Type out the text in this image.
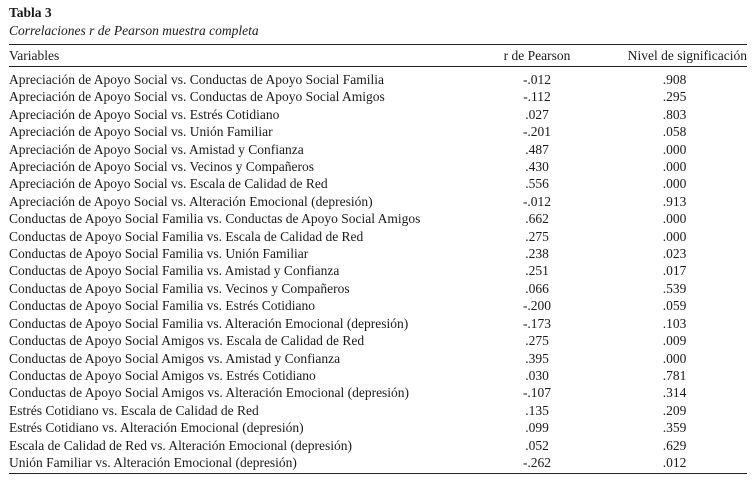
Tabla 3
Correlaciones r de Pearson muestra completa
Variables	r de Pearson	Nivel de significación
Apreciación de Apoyo Social vs. Conductas de Apoyo Social Familia	-.012	.908
Apreciación de Apoyo Social vs. Conductas de Apoyo Social Amigos	-.112	.295
Apreciación de Apoyo Social vs. Estrés Cotidiano	.027	.803
Apreciación de Apoyo Social vs. Unión Familiar	-.201	.058
Apreciación de Apoyo Social vs. Amistad y Confianza	.487	.000
Apreciación de Apoyo Social vs. Vecinos y Compañeros	.430	.000
Apreciación de Apoyo Social vs. Escala de Calidad de Red	.556	.000
Apreciación de Apoyo Social vs. Alteración Emocional (depresión)	-.012	.913
Conductas de Apoyo Social Familia vs. Conductas de Apoyo Social Amigos	.662	.000
Conductas de Apoyo Social Familia vs. Escala de Calidad de Red	.275	.000
Conductas de Apoyo Social Familia vs. Unión Familiar	.238	.023
Conductas de Apoyo Social Familia vs. Amistad y Confianza	.251	.017
Conductas de Apoyo Social Familia vs. Vecinos y Compañeros	.066	.539
Conductas de Apoyo Social Familia vs. Estrés Cotidiano	-.200	.059
Conductas de Apoyo Social Familia vs. Alteración Emocional (depresión)	-.173	.103
Conductas de Apoyo Social Amigos vs. Escala de Calidad de Red	.275	.009
Conductas de Apoyo Social Amigos vs. Amistad y Confianza	.395	.000
Conductas de Apoyo Social Amigos vs. Estrés Cotidiano	.030	.781
Conductas de Apoyo Social Amigos vs. Alteración Emocional (depresión)	-.107	.314
Estrés Cotidiano vs. Escala de Calidad de Red	.135	.209
Estrés Cotidiano vs. Alteración Emocional (depresión)	.099	.359
Escala de Calidad de Red vs. Alteración Emocional (depresión)	.052	.629
Unión Familiar vs. Alteración Emocional (depresión)	-.262	.012
